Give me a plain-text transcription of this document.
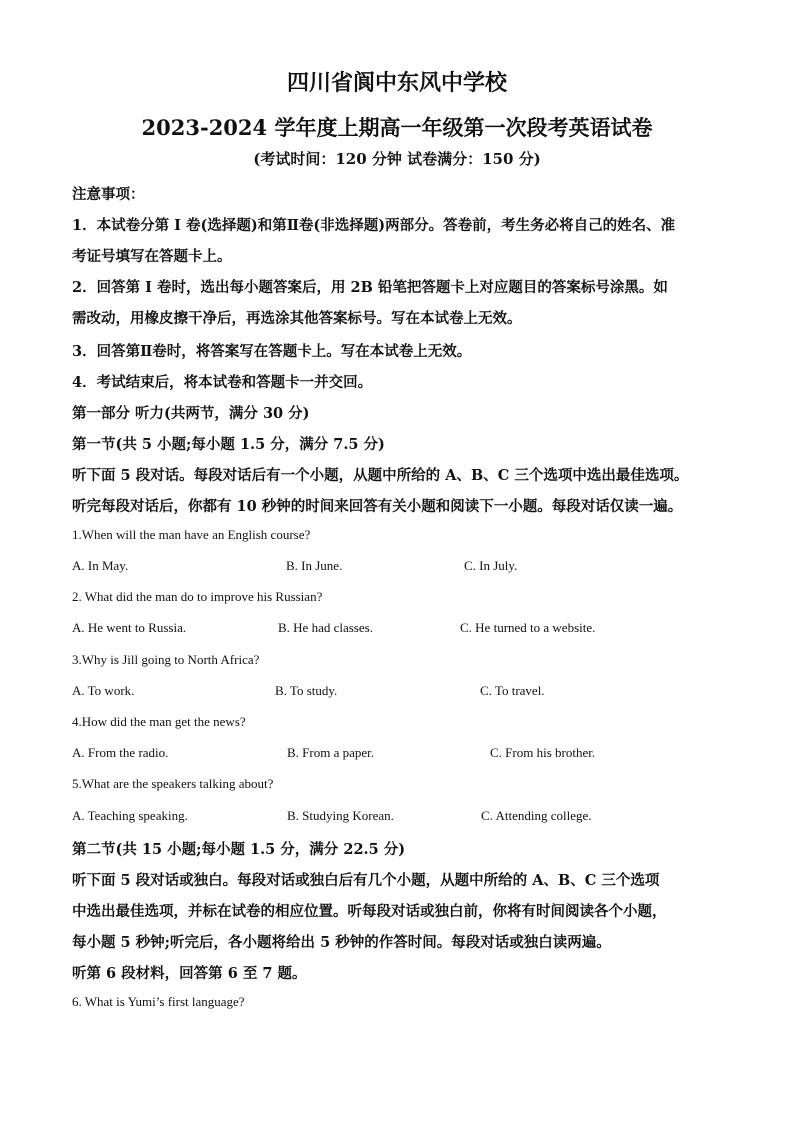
四川省阆中东风中学校
2023-2024 学年度上期高一年级第一次段考英语试卷
(考试时间：120 分钟 试卷满分：150 分)
注意事项：
1．本试卷分第 I 卷(选择题)和第Ⅱ卷(非选择题)两部分。答卷前，考生务必将自己的姓名、准
考证号填写在答题卡上。
2．回答第 I 卷时，选出每小题答案后，用 2B 铅笔把答题卡上对应题目的答案标号涂黑。如
需改动，用橡皮擦干净后，再选涂其他答案标号。写在本试卷上无效。
3．回答第Ⅱ卷时，将答案写在答题卡上。写在本试卷上无效。
4．考试结束后，将本试卷和答题卡一并交回。
第一部分 听力(共两节，满分 30 分)
第一节(共 5 小题;每小题 1.5 分，满分 7.5 分)
听下面 5 段对话。每段对话后有一个小题，从题中所给的 A、B、C 三个选项中选出最佳选项。
听完每段对话后，你都有 10 秒钟的时间来回答有关小题和阅读下一小题。每段对话仅读一遍。
1.When will the man have an English course?
A. In May.	B. In June.	C. In July.
2. What did the man do to improve his Russian?
A. He went to Russia.	B. He had classes.	C. He turned to a website.
3.Why is Jill going to North Africa?
A. To work.	B. To study.	C. To travel.
4.How did the man get the news?
A. From the radio.	B. From a paper.	C. From his brother.
5.What are the speakers talking about?
A. Teaching speaking.	B. Studying Korean.	C. Attending college.
第二节(共 15 小题;每小题 1.5 分，满分 22.5 分)
听下面 5 段对话或独白。每段对话或独白后有几个小题，从题中所给的 A、B、C 三个选项
中选出最佳选项，并标在试卷的相应位置。听每段对话或独白前，你将有时间阅读各个小题，
每小题 5 秒钟;听完后，各小题将给出 5 秒钟的作答时间。每段对话或独白读两遍。
听第 6 段材料，回答第 6 至 7 题。
6. What is Yumi’s first language?
